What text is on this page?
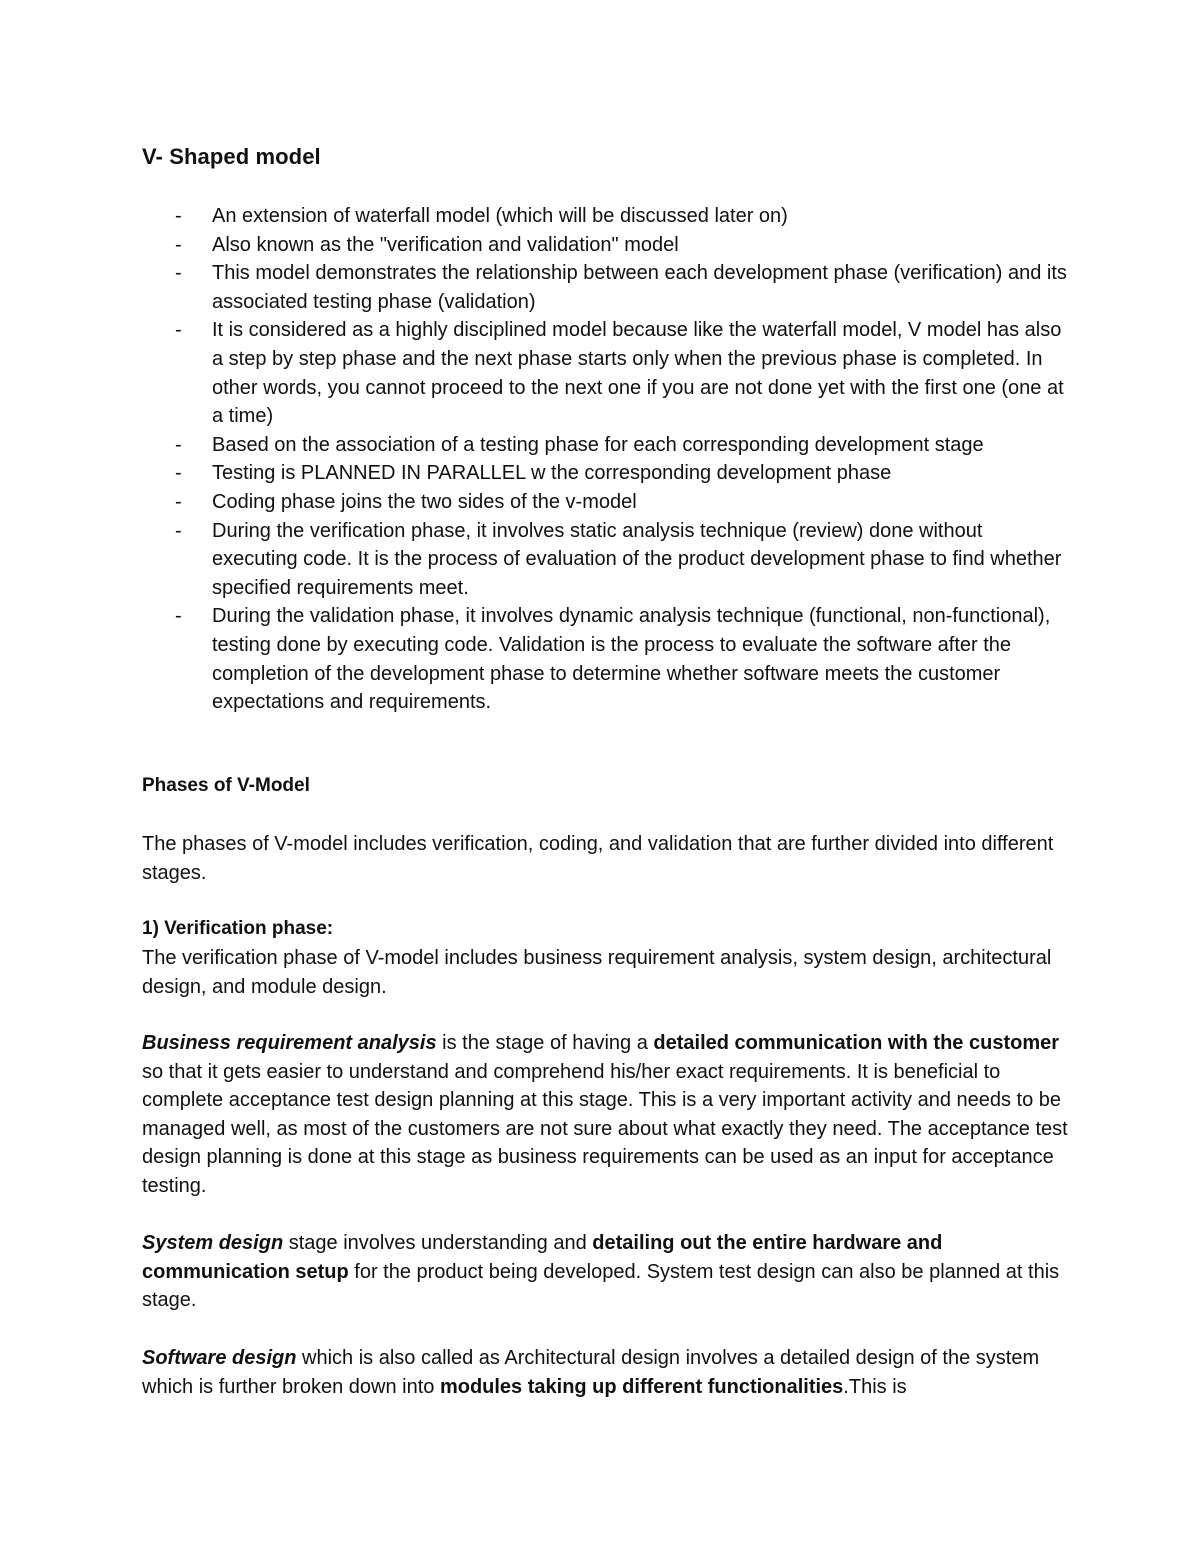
V- Shaped model
- An extension of waterfall model (which will be discussed later on)
- Also known as the "verification and validation" model
- This model demonstrates the relationship between each development phase (verification) and its associated testing phase (validation)
- It is considered as a highly disciplined model because like the waterfall model, V model has also a step by step phase and the next phase starts only when the previous phase is completed. In other words, you cannot proceed to the next one if you are not done yet with the first one (one at a time)
- Based on the association of a testing phase for each corresponding development stage
- Testing is PLANNED IN PARALLEL w the corresponding development phase
- Coding phase joins the two sides of the v-model
- During the verification phase, it involves static analysis technique (review) done without executing code. It is the process of evaluation of the product development phase to find whether specified requirements meet.
- During the validation phase, it involves dynamic analysis technique (functional, non-functional), testing done by executing code. Validation is the process to evaluate the software after the completion of the development phase to determine whether software meets the customer expectations and requirements.

Phases of V-Model

The phases of V-model includes verification, coding, and validation that are further divided into different stages.

1) Verification phase:

The verification phase of V-model includes business requirement analysis, system design, architectural design, and module design.

Business requirement analysis is the stage of having a detailed communication with the customer so that it gets easier to understand and comprehend his/her exact requirements. It is beneficial to complete acceptance test design planning at this stage. This is a very important activity and needs to be managed well, as most of the customers are not sure about what exactly they need. The acceptance test design planning is done at this stage as business requirements can be used as an input for acceptance testing.

System design stage involves understanding and detailing out the entire hardware and communication setup for the product being developed. System test design can also be planned at this stage.

Software design which is also called as Architectural design involves a detailed design of the system which is further broken down into modules taking up different functionalities.This is
